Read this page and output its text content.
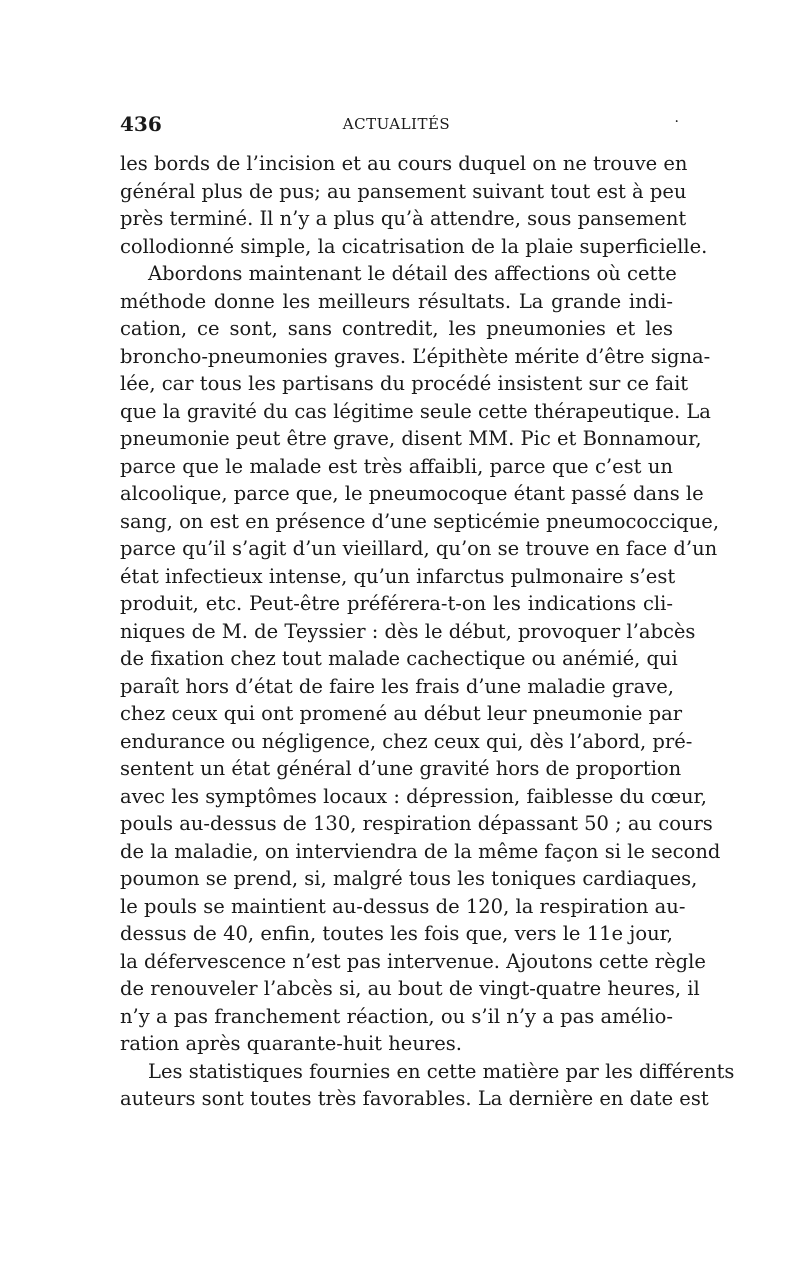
436	ACTUALITÉS	·
les bords de l’incision et au cours duquel on ne trouve en
général plus de pus; au pansement suivant tout est à peu
près terminé. Il n’y a plus qu’à attendre, sous pansement
collodionné simple, la cicatrisation de la plaie superficielle.
Abordons maintenant le détail des affections où cette
méthode donne les meilleurs résultats. La grande indi-
cation, ce sont, sans contredit, les pneumonies et les
broncho-pneumonies graves. L’épithète mérite d’être signa-
lée, car tous les partisans du procédé insistent sur ce fait
que la gravité du cas légitime seule cette thérapeutique. La
pneumonie peut être grave, disent MM. Pic et Bonnamour,
parce que le malade est très affaibli, parce que c’est un
alcoolique, parce que, le pneumocoque étant passé dans le
sang, on est en présence d’une septicémie pneumococcique,
parce qu’il s’agit d’un vieillard, qu’on se trouve en face d’un
état infectieux intense, qu’un infarctus pulmonaire s’est
produit, etc. Peut-être préférera-t-on les indications cli-
niques de M. de Teyssier : dès le début, provoquer l’abcès
de fixation chez tout malade cachectique ou anémié, qui
paraît hors d’état de faire les frais d’une maladie grave,
chez ceux qui ont promené au début leur pneumonie par
endurance ou négligence, chez ceux qui, dès l’abord, pré-
sentent un état général d’une gravité hors de proportion
avec les symptômes locaux : dépression, faiblesse du cœur,
pouls au-dessus de 130, respiration dépassant 50 ; au cours
de la maladie, on interviendra de la même façon si le second
poumon se prend, si, malgré tous les toniques cardiaques,
le pouls se maintient au-dessus de 120, la respiration au-
dessus de 40, enfin, toutes les fois que, vers le 11e jour,
la défervescence n’est pas intervenue. Ajoutons cette règle
de renouveler l’abcès si, au bout de vingt-quatre heures, il
n’y a pas franchement réaction, ou s’il n’y a pas amélio-
ration après quarante-huit heures.
Les statistiques fournies en cette matière par les différents
auteurs sont toutes très favorables. La dernière en date est
